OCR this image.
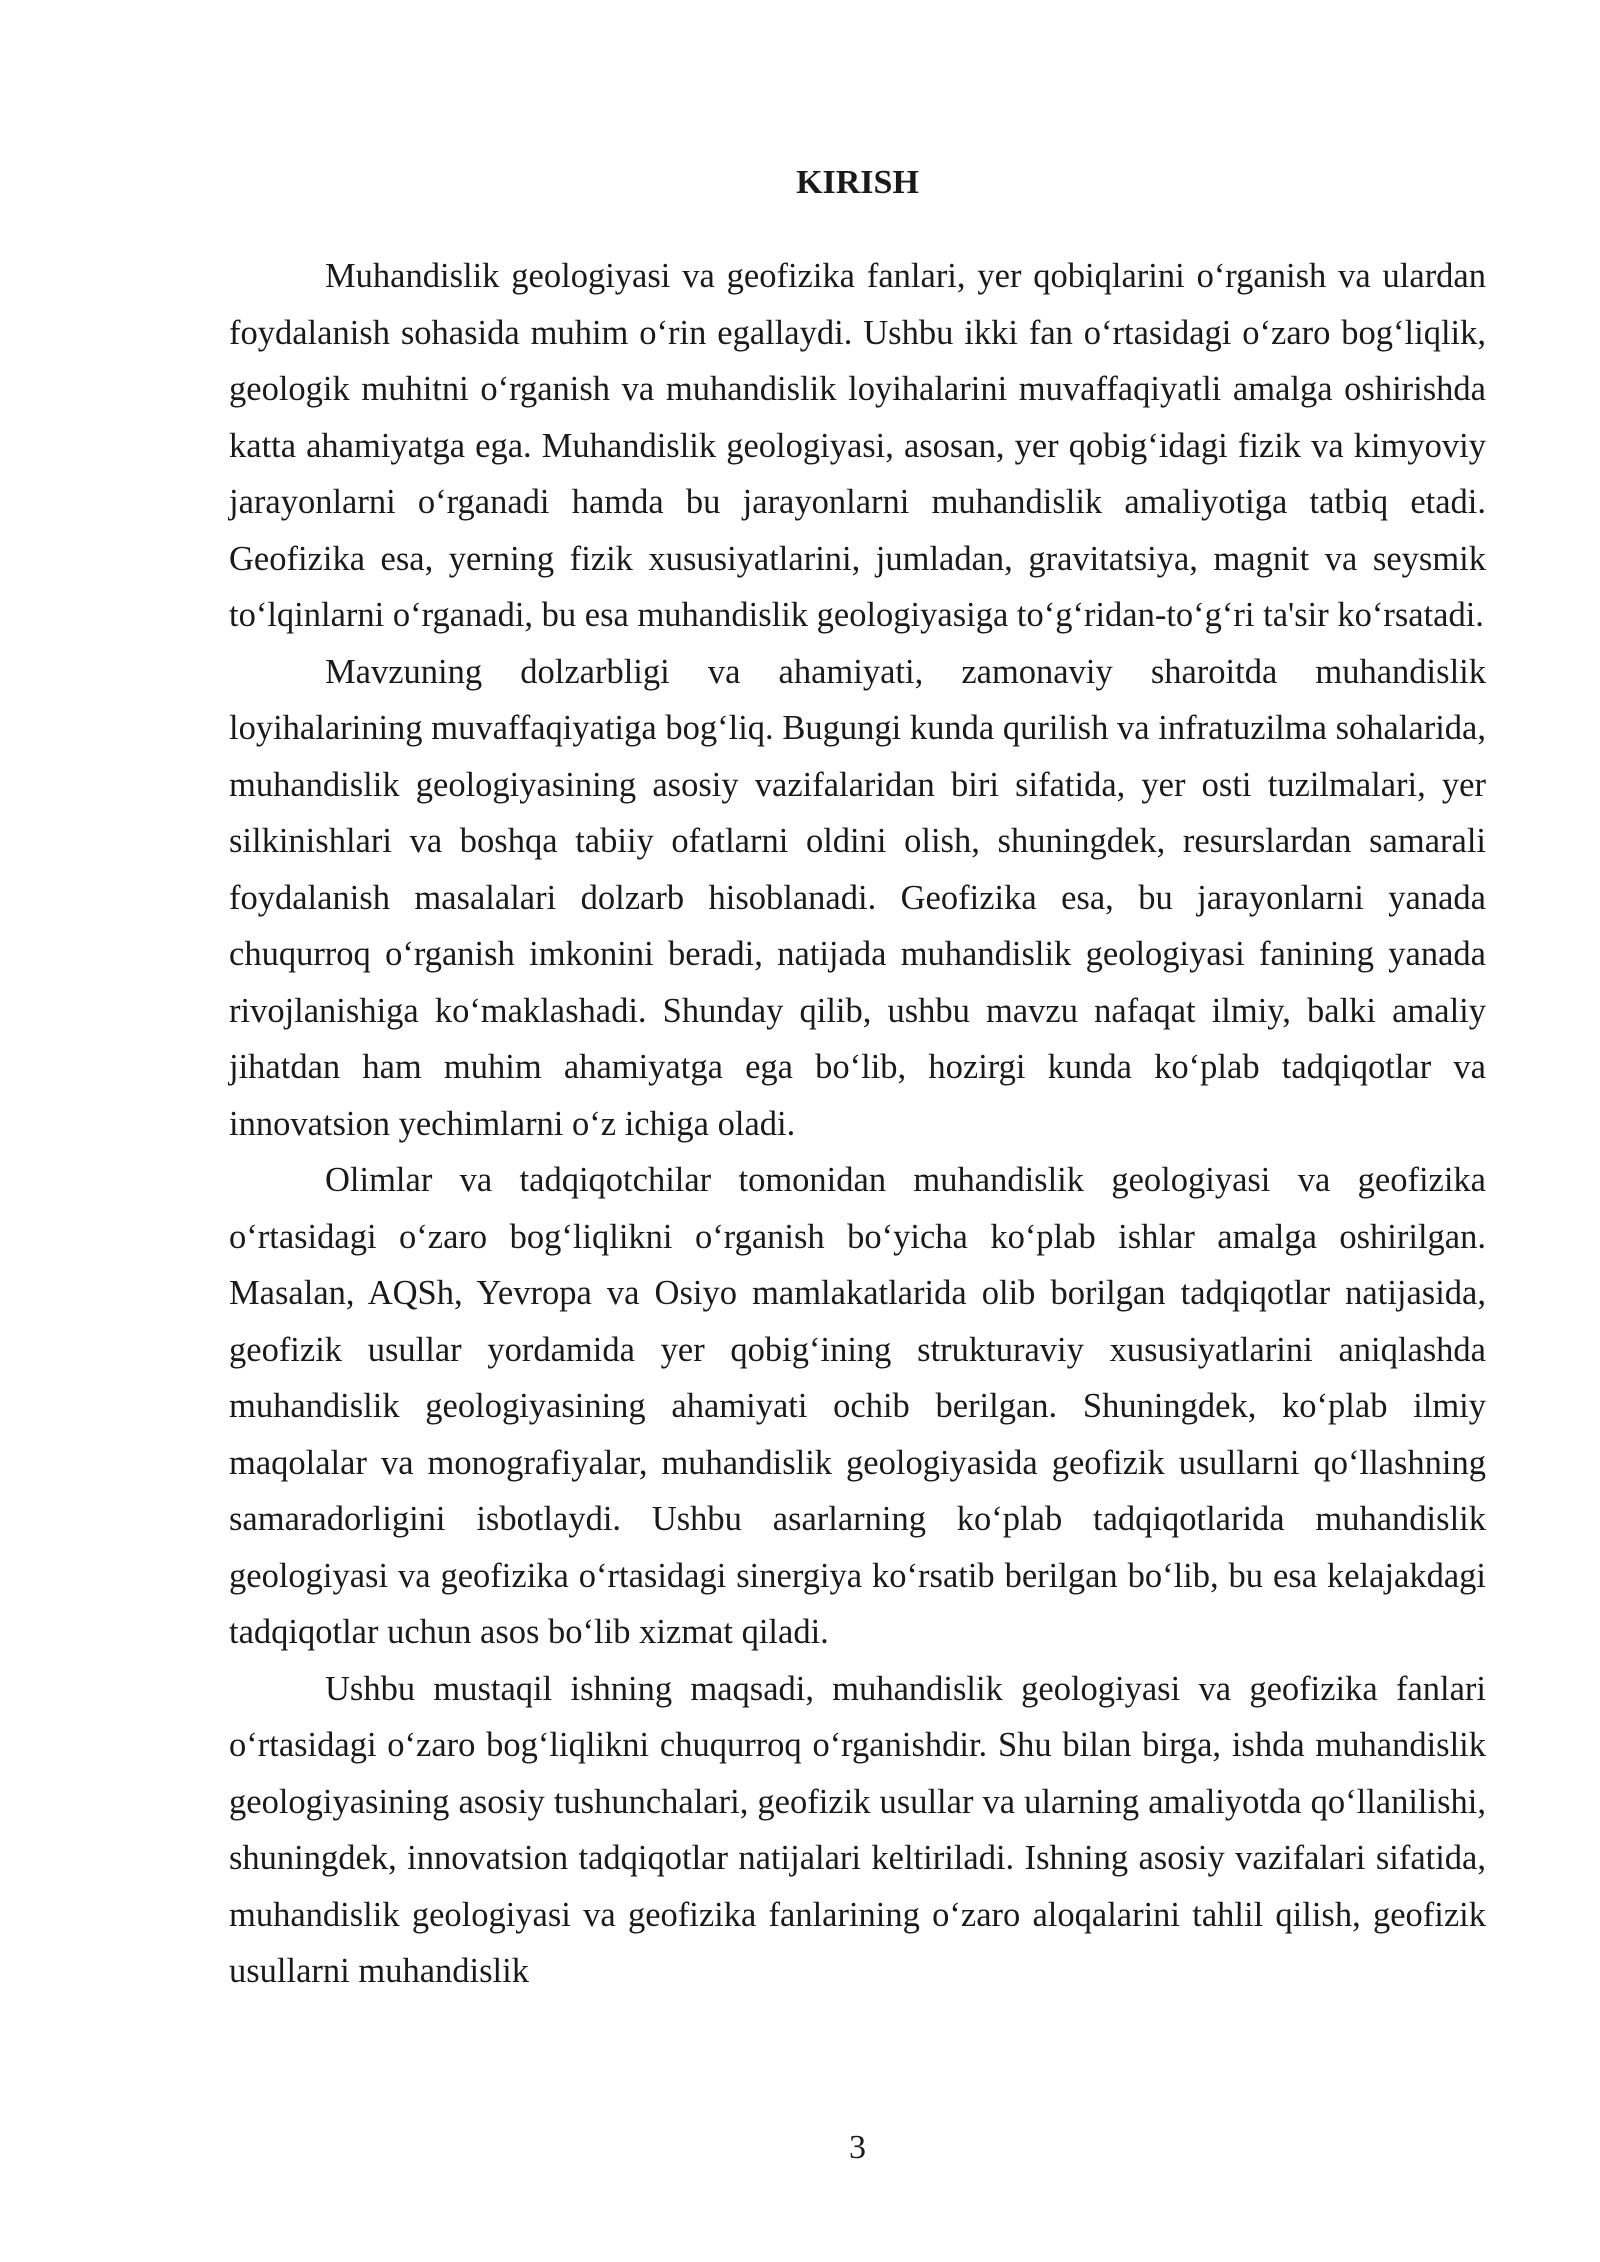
KIRISH

Muhandislik geologiyasi va geofizika fanlari, yer qobiqlarini oʻrganish va ulardan foydalanish sohasida muhim oʻrin egallaydi. Ushbu ikki fan oʻrtasidagi oʻzaro bogʻliqlik, geologik muhitni oʻrganish va muhandislik loyihalarini muvaffaqiyatli amalga oshirishda katta ahamiyatga ega. Muhandislik geologiyasi, asosan, yer qobigʻidagi fizik va kimyoviy jarayonlarni oʻrganadi hamda bu jarayonlarni muhandislik amaliyotiga tatbiq etadi. Geofizika esa, yerning fizik xususiyatlarini, jumladan, gravitatsiya, magnit va seysmik toʻlqinlarni oʻrganadi, bu esa muhandislik geologiyasiga toʻgʻridan-toʻgʻri ta'sir koʻrsatadi.

Mavzuning dolzarbligi va ahamiyati, zamonaviy sharoitda muhandislik loyihalarining muvaffaqiyatiga bogʻliq. Bugungi kunda qurilish va infratuzilma sohalarida, muhandislik geologiyasining asosiy vazifalaridan biri sifatida, yer osti tuzilmalari, yer silkinishlari va boshqa tabiiy ofatlarni oldini olish, shuningdek, resurslardan samarali foydalanish masalalari dolzarb hisoblanadi. Geofizika esa, bu jarayonlarni yanada chuqurroq oʻrganish imkonini beradi, natijada muhandislik geologiyasi fanining yanada rivojlanishiga koʻmaklashadi. Shunday qilib, ushbu mavzu nafaqat ilmiy, balki amaliy jihatdan ham muhim ahamiyatga ega boʻlib, hozirgi kunda koʻplab tadqiqotlar va innovatsion yechimlarni oʻz ichiga oladi.

Olimlar va tadqiqotchilar tomonidan muhandislik geologiyasi va geofizika oʻrtasidagi oʻzaro bogʻliqlikni oʻrganish boʻyicha koʻplab ishlar amalga oshirilgan. Masalan, AQSh, Yevropa va Osiyo mamlakatlarida olib borilgan tadqiqotlar natijasida, geofizik usullar yordamida yer qobigʻining strukturaviy xususiyatlarini aniqlashda muhandislik geologiyasining ahamiyati ochib berilgan. Shuningdek, koʻplab ilmiy maqolalar va monografiyalar, muhandislik geologiyasida geofizik usullarni qoʻllashning samaradorligini isbotlaydi. Ushbu asarlarning koʻplab tadqiqotlarida muhandislik geologiyasi va geofizika oʻrtasidagi sinergiya koʻrsatib berilgan boʻlib, bu esa kelajakdagi tadqiqotlar uchun asos boʻlib xizmat qiladi.

Ushbu mustaqil ishning maqsadi, muhandislik geologiyasi va geofizika fanlari oʻrtasidagi oʻzaro bogʻliqlikni chuqurroq oʻrganishdir. Shu bilan birga, ishda muhandislik geologiyasining asosiy tushunchalari, geofizik usullar va ularning amaliyotda qoʻllanilishi, shuningdek, innovatsion tadqiqotlar natijalari keltiriladi. Ishning asosiy vazifalari sifatida, muhandislik geologiyasi va geofizika fanlarining oʻzaro aloqalarini tahlil qilish, geofizik usullarni muhandislik

3
